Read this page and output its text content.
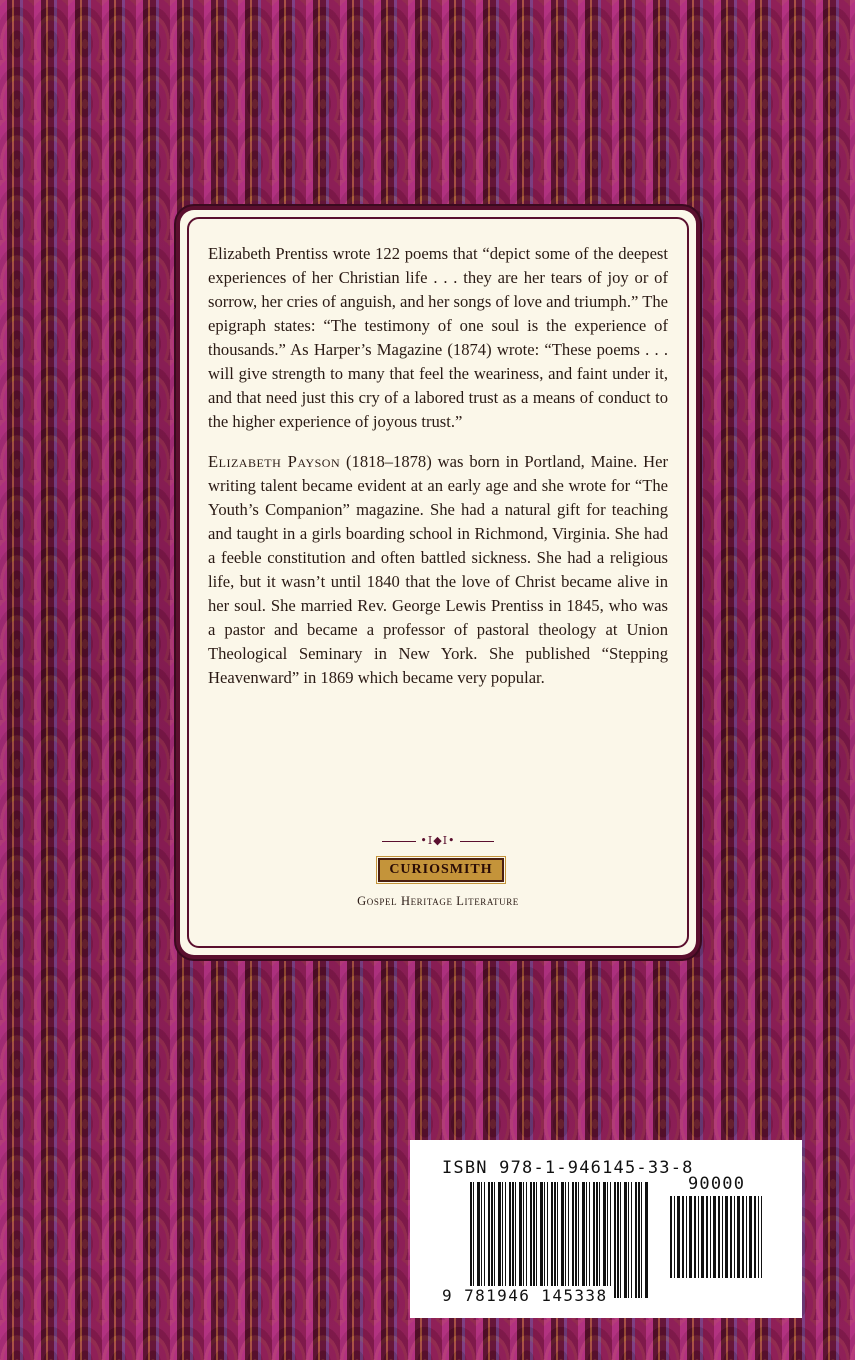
Elizabeth Prentiss wrote 122 poems that “depict some of the deepest experiences of her Christian life . . . they are her tears of joy or of sorrow, her cries of anguish, and her songs of love and triumph.” The epigraph states: “The testimony of one soul is the experience of thousands.” As Harper’s Magazine (1874) wrote: “These poems . . . will give strength to many that feel the weariness, and faint under it, and that need just this cry of a labored trust as a means of conduct to the higher experience of joyous trust.”

Elizabeth Payson (1818–1878) was born in Portland, Maine. Her writing talent became evident at an early age and she wrote for “The Youth’s Companion” magazine. She had a natural gift for teaching and taught in a girls boarding school in Richmond, Virginia. She had a feeble constitution and often battled sickness. She had a religious life, but it wasn’t until 1840 that the love of Christ became alive in her soul. She married Rev. George Lewis Prentiss in 1845, who was a pastor and became a professor of pastoral theology at Union Theological Seminary in New York. She published “Stepping Heavenward” in 1869 which became very popular.

•I◆I•
CURIOSMITH
Gospel Heritage Literature
ISBN 978-1-946145-33-8
90000
9 781946 145338
